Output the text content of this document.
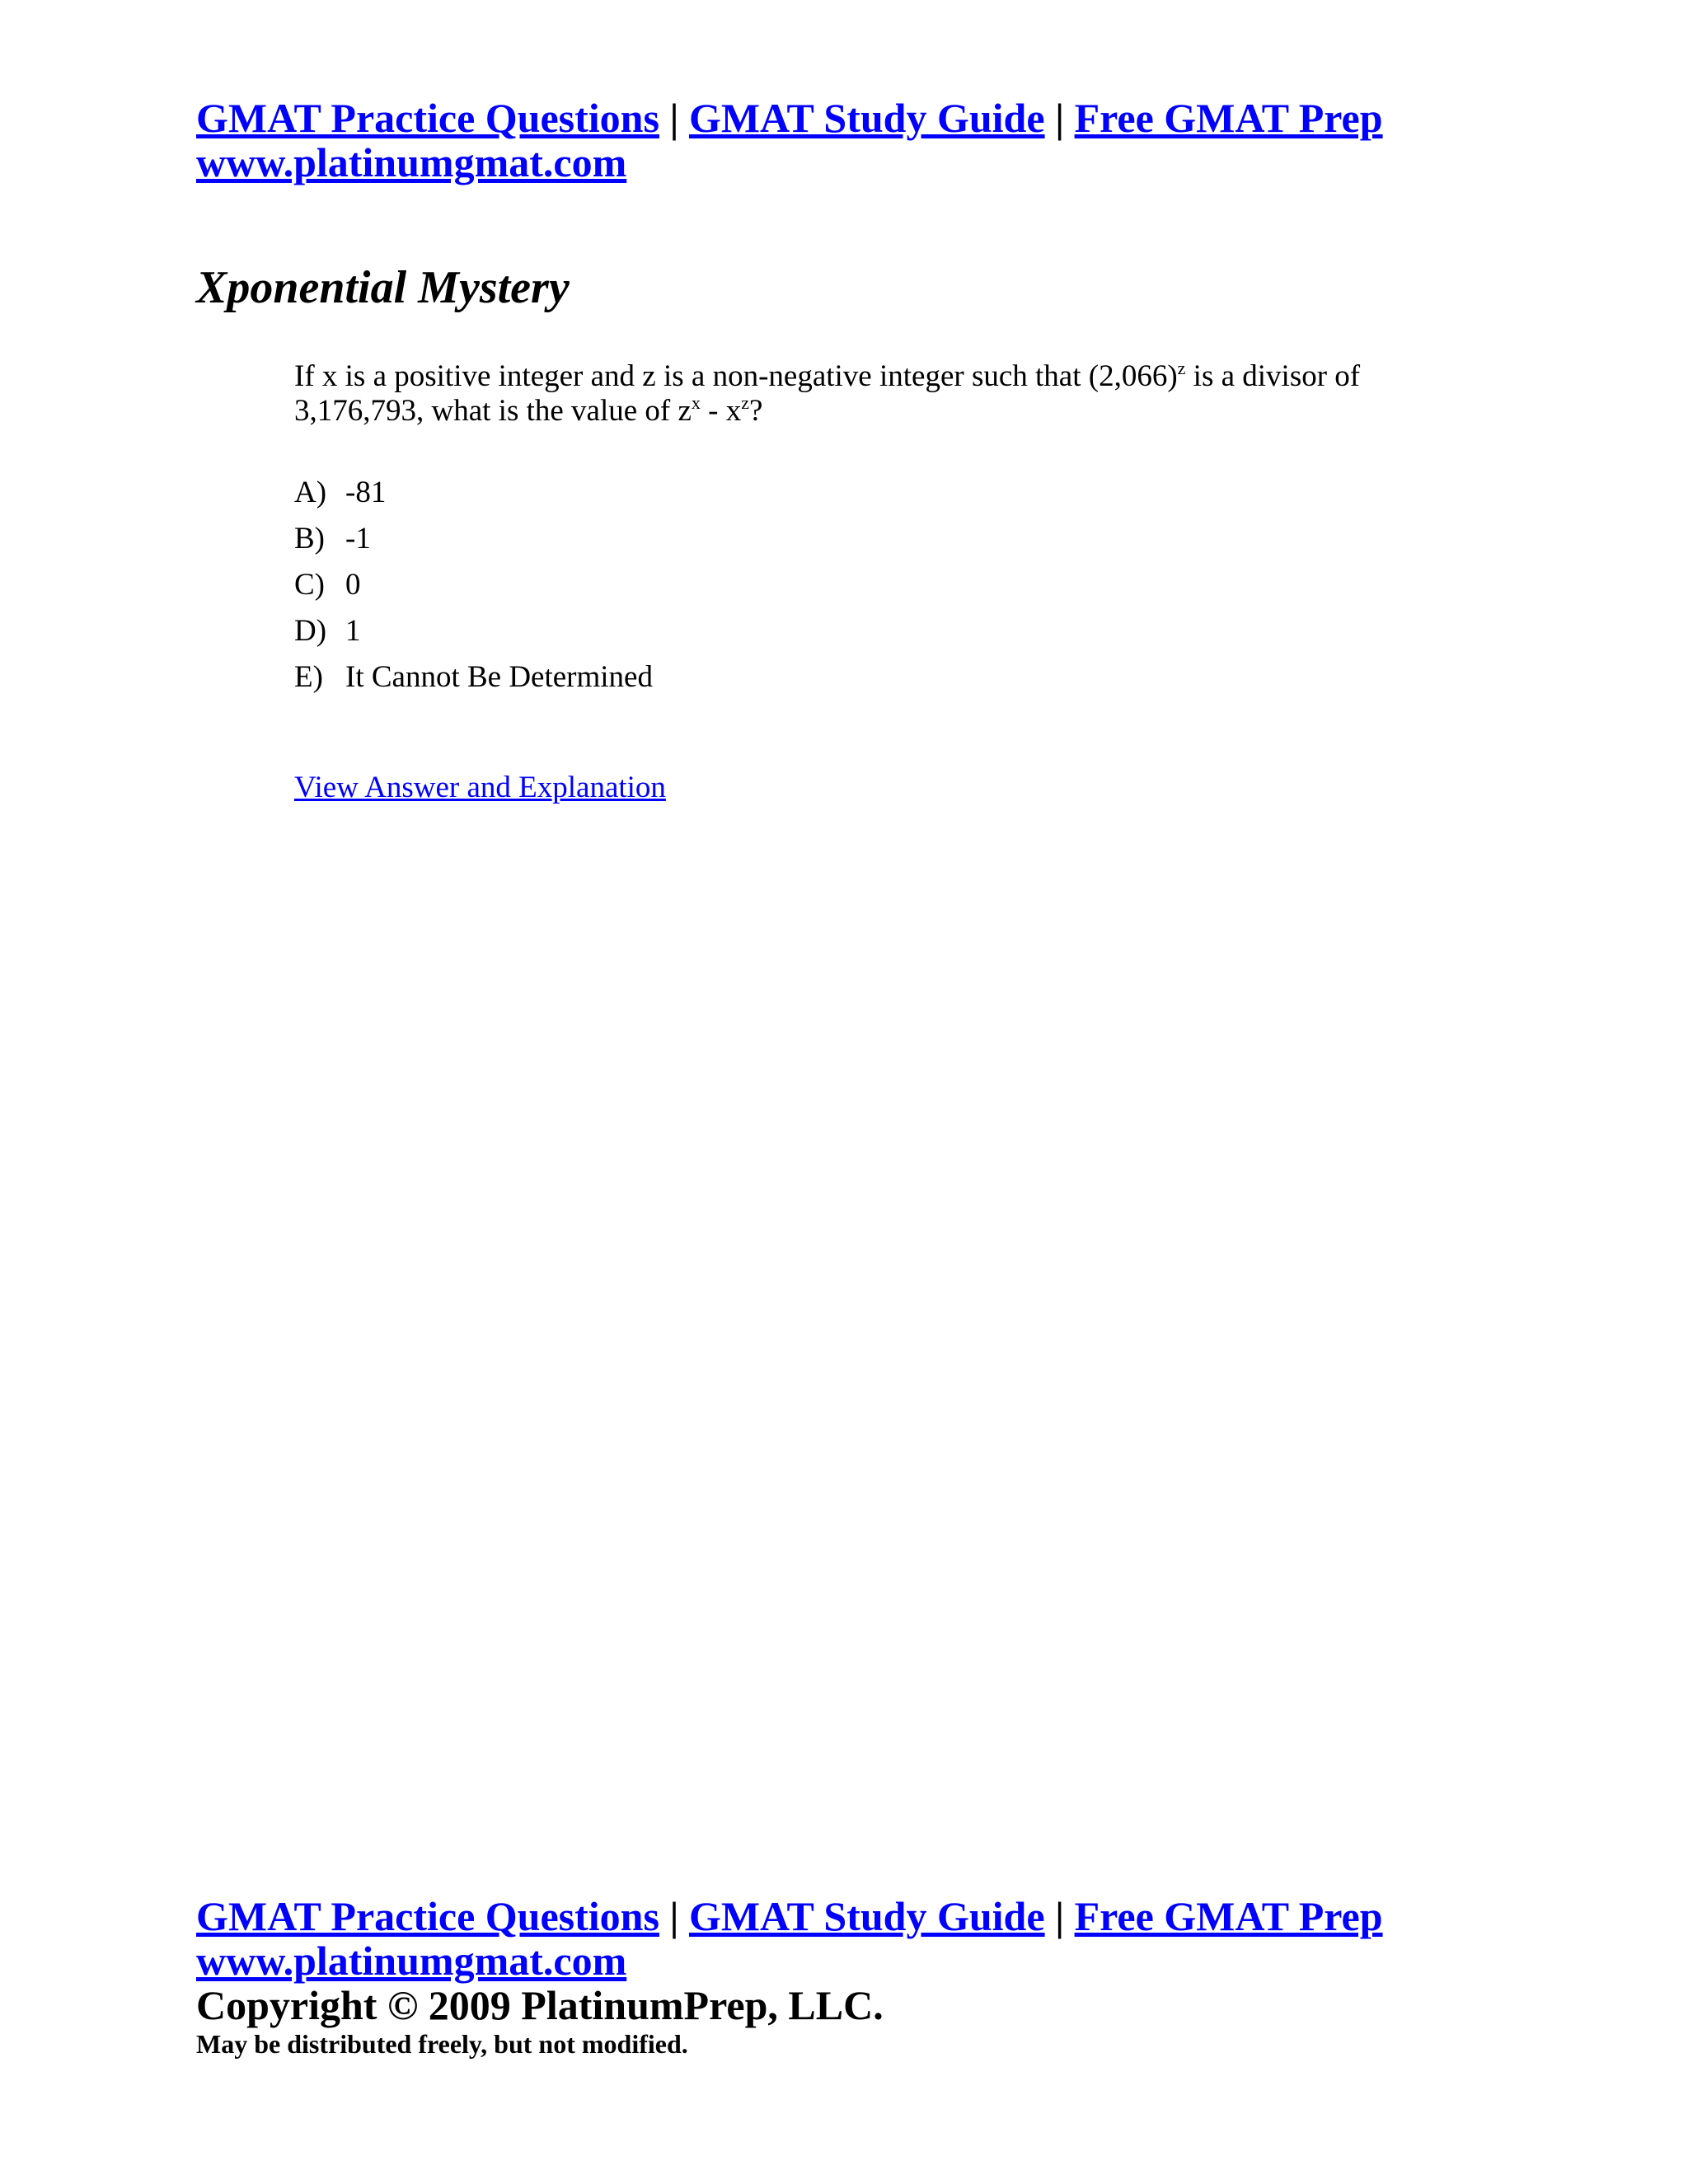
GMAT Practice Questions | GMAT Study Guide | Free GMAT Prep
www.platinumgmat.com
Xponential Mystery
If x is a positive integer and z is a non-negative integer such that $(2,066)^z$ is a divisor of 3,176,793, what is the value of $z^x - x^z$?
A) -81
B) -1
C) 0
D) 1
E) It Cannot Be Determined
View Answer and Explanation
GMAT Practice Questions | GMAT Study Guide | Free GMAT Prep
www.platinumgmat.com
Copyright © 2009 PlatinumPrep, LLC.
May be distributed freely, but not modified.
